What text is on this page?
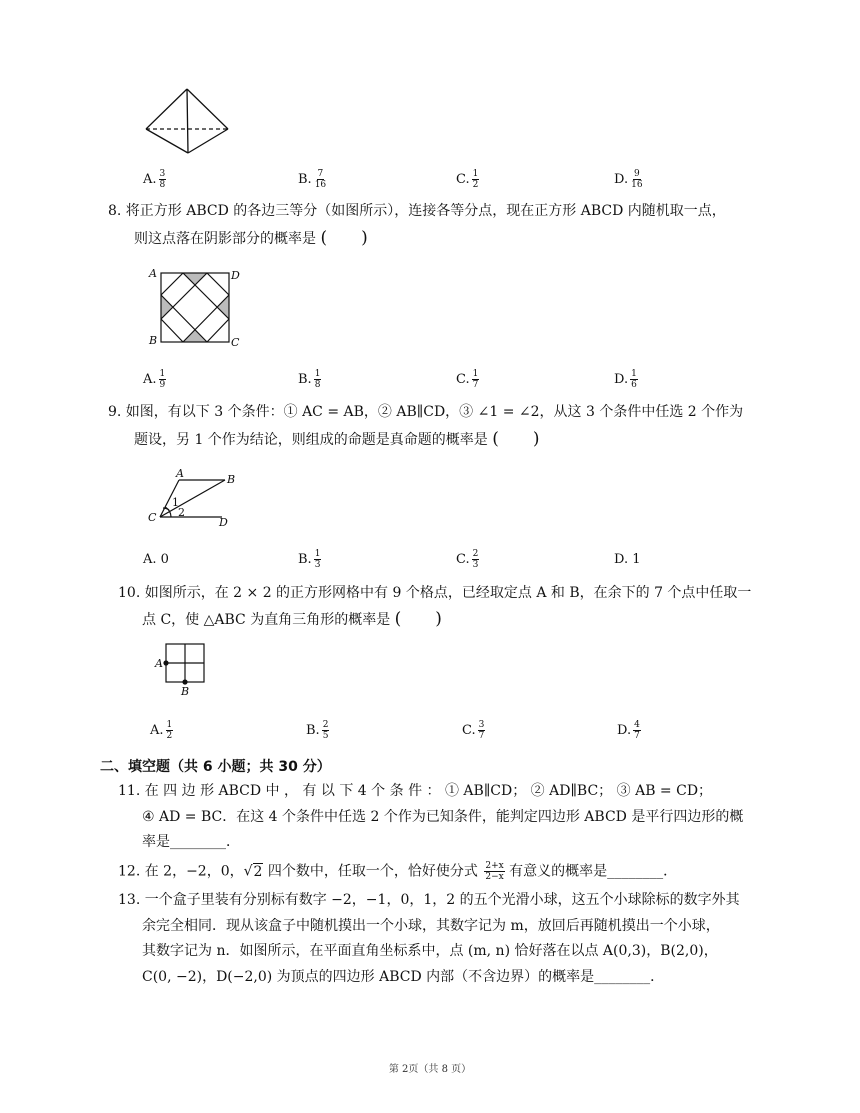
A. $\frac{3}{8}$	B. $\frac{7}{16}$	C. $\frac{1}{2}$	D. $\frac{9}{16}$
8. 将正方形 ABCD 的各边三等分（如图所示），连接各等分点，现在正方形 ABCD 内随机取一点，
则这点落在阴影部分的概率是 (　　)
A	D
B	C
A. $\frac{1}{9}$	B. $\frac{1}{8}$	C. $\frac{1}{7}$	D. $\frac{1}{6}$
9. 如图，有以下 3 个条件：① AC = AB，② AB∥CD，③ ∠1 = ∠2，从这 3 个条件中任选 2 个作为
题设，另 1 个作为结论，则组成的命题是真命题的概率是 (　　)
A	B
C	D
1
2
A. 0	B. $\frac{1}{3}$	C. $\frac{2}{3}$	D. 1
10. 如图所示，在 2 × 2 的正方形网格中有 9 个格点，已经取定点 A 和 B，在余下的 7 个点中任取一
点 C，使 △ABC 为直角三角形的概率是 (　　)
A
B
A. $\frac{1}{2}$	B. $\frac{2}{5}$	C. $\frac{3}{7}$	D. $\frac{4}{7}$
二、填空题（共 6 小题；共 30 分）
11. 在 四 边 形 ABCD 中 ， 有 以 下 4 个 条 件 ： ① AB∥CD； ② AD∥BC； ③ AB = CD；
④ AD = BC．在这 4 个条件中任选 2 个作为已知条件，能判定四边形 ABCD 是平行四边形的概
率是________．
12. 在 2，−2，0，√2 四个数中，任取一个，恰好使分式 $\frac{2+x}{2-x}$ 有意义的概率是________．
13. 一个盒子里装有分别标有数字 −2，−1，0，1，2 的五个光滑小球，这五个小球除标的数字外其
余完全相同．现从该盒子中随机摸出一个小球，其数字记为 m，放回后再随机摸出一个小球，
其数字记为 n．如图所示，在平面直角坐标系中，点 (m, n) 恰好落在以点 A(0,3)，B(2,0)，
C(0, −2)，D(−2,0) 为顶点的四边形 ABCD 内部（不含边界）的概率是________．
第 2页（共 8 页）
